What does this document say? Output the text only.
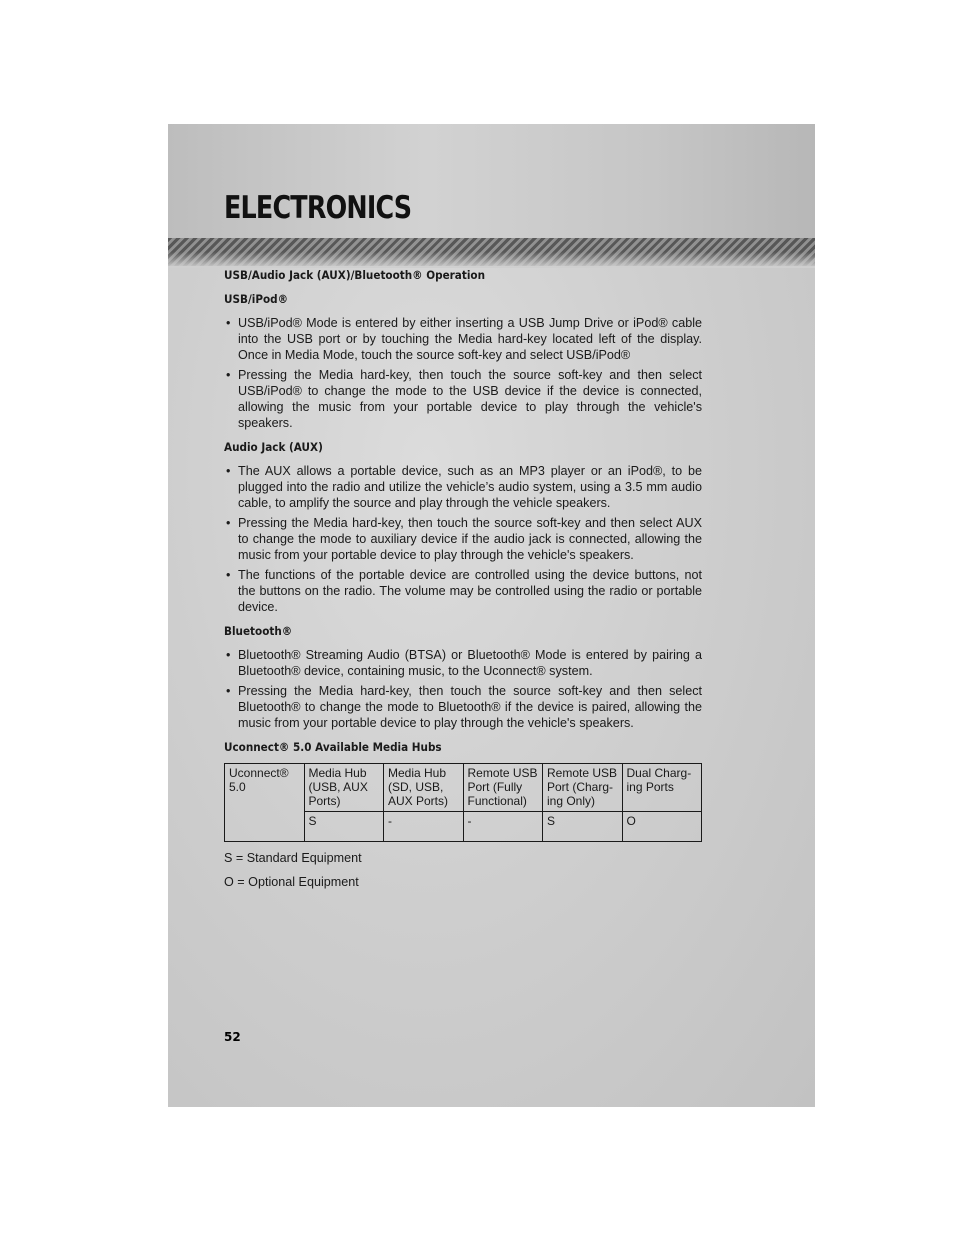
ELECTRONICS

USB/Audio Jack (AUX)/Bluetooth® Operation

USB/iPod®

• USB/iPod® Mode is entered by either inserting a USB Jump Drive or iPod® cable into the USB port or by touching the Media hard-key located left of the display. Once in Media Mode, touch the source soft-key and select USB/iPod®
• Pressing the Media hard-key, then touch the source soft-key and then select USB/iPod® to change the mode to the USB device if the device is connected, allowing the music from your portable device to play through the vehicle's speakers.

Audio Jack (AUX)

• The AUX allows a portable device, such as an MP3 player or an iPod®, to be plugged into the radio and utilize the vehicle’s audio system, using a 3.5 mm audio cable, to amplify the source and play through the vehicle speakers.
• Pressing the Media hard-key, then touch the source soft-key and then select AUX to change the mode to auxiliary device if the audio jack is connected, allowing the music from your portable device to play through the vehicle's speakers.
• The functions of the portable device are controlled using the device buttons, not the buttons on the radio. The volume may be controlled using the radio or portable device.

Bluetooth®

• Bluetooth® Streaming Audio (BTSA) or Bluetooth® Mode is entered by pairing a Bluetooth® device, containing music, to the Uconnect® system.
• Pressing the Media hard-key, then touch the source soft-key and then select Bluetooth® to change the mode to Bluetooth® if the device is paired, allowing the music from your portable device to play through the vehicle's speakers.

Uconnect® 5.0 Available Media Hubs

Uconnect® 5.0	Media Hub (USB, AUX Ports)	Media Hub (SD, USB, AUX Ports)	Remote USB Port (Fully Functional)	Remote USB Port (Charg-ing Only)	Dual Charg-ing Ports
	S	-	-	S	O

S = Standard Equipment

O = Optional Equipment

52
